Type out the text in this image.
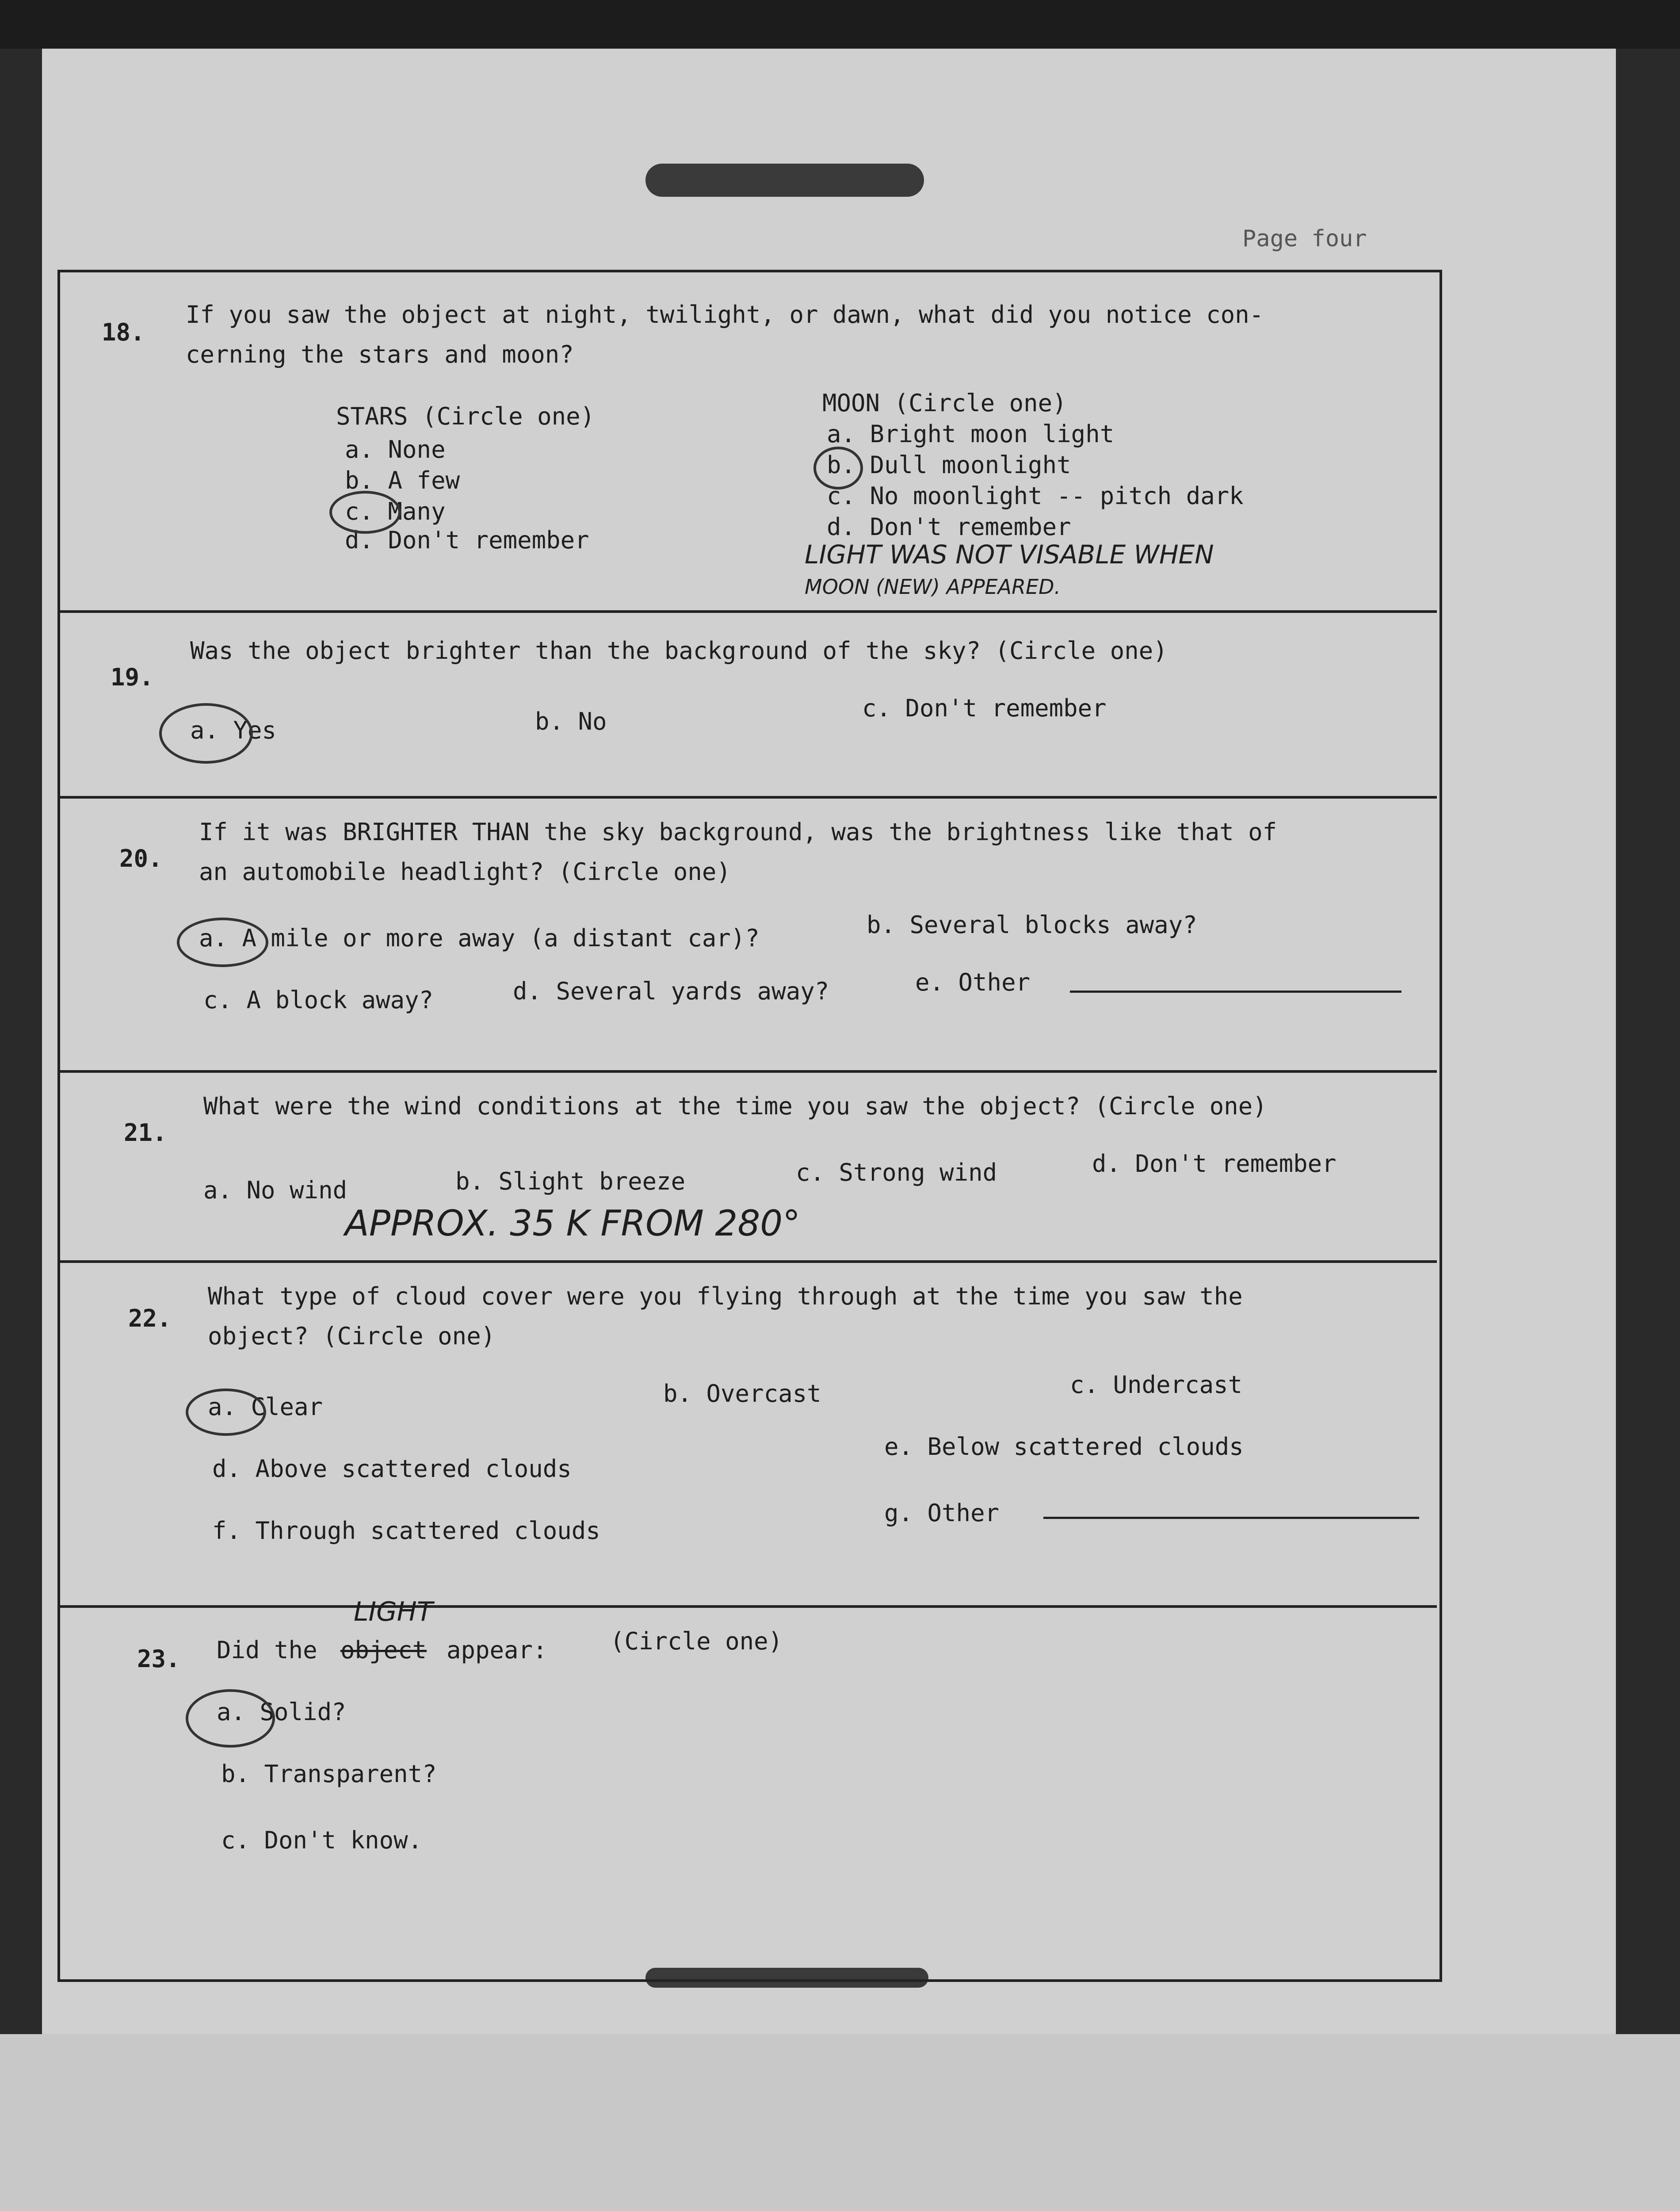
Page four
18.
If you saw the object at night, twilight, or dawn, what did you notice con-
cerning the stars and moon?
STARS (Circle one)
a. None
b. A few
c. Many
d. Don't remember
MOON (Circle one)
a. Bright moon light
b. Dull moonlight
c. No moonlight -- pitch dark
d. Don't remember
LIGHT WAS NOT VISABLE WHEN
MOON (NEW) APPEARED.
19.
Was the object brighter than the background of the sky? (Circle one)
a. Yes	b. No	c. Don't remember
20.
If it was BRIGHTER THAN the sky background, was the brightness like that of
an automobile headlight? (Circle one)
a. A mile or more away (a distant car)?	b. Several blocks away?
c. A block away?	d. Several yards away?	e. Other
21.
What were the wind conditions at the time you saw the object? (Circle one)
a. No wind	b. Slight breeze	c. Strong wind	d. Don't remember
APPROX. 35 K FROM 280°
22.
What type of cloud cover were you flying through at the time you saw the
object? (Circle one)
a. Clear	b. Overcast	c. Undercast
d. Above scattered clouds
e. Below scattered clouds
f. Through scattered clouds
g. Other
LIGHT
23. Did the object appear:	(Circle one)
a. Solid?
b. Transparent?
c. Don't know.
